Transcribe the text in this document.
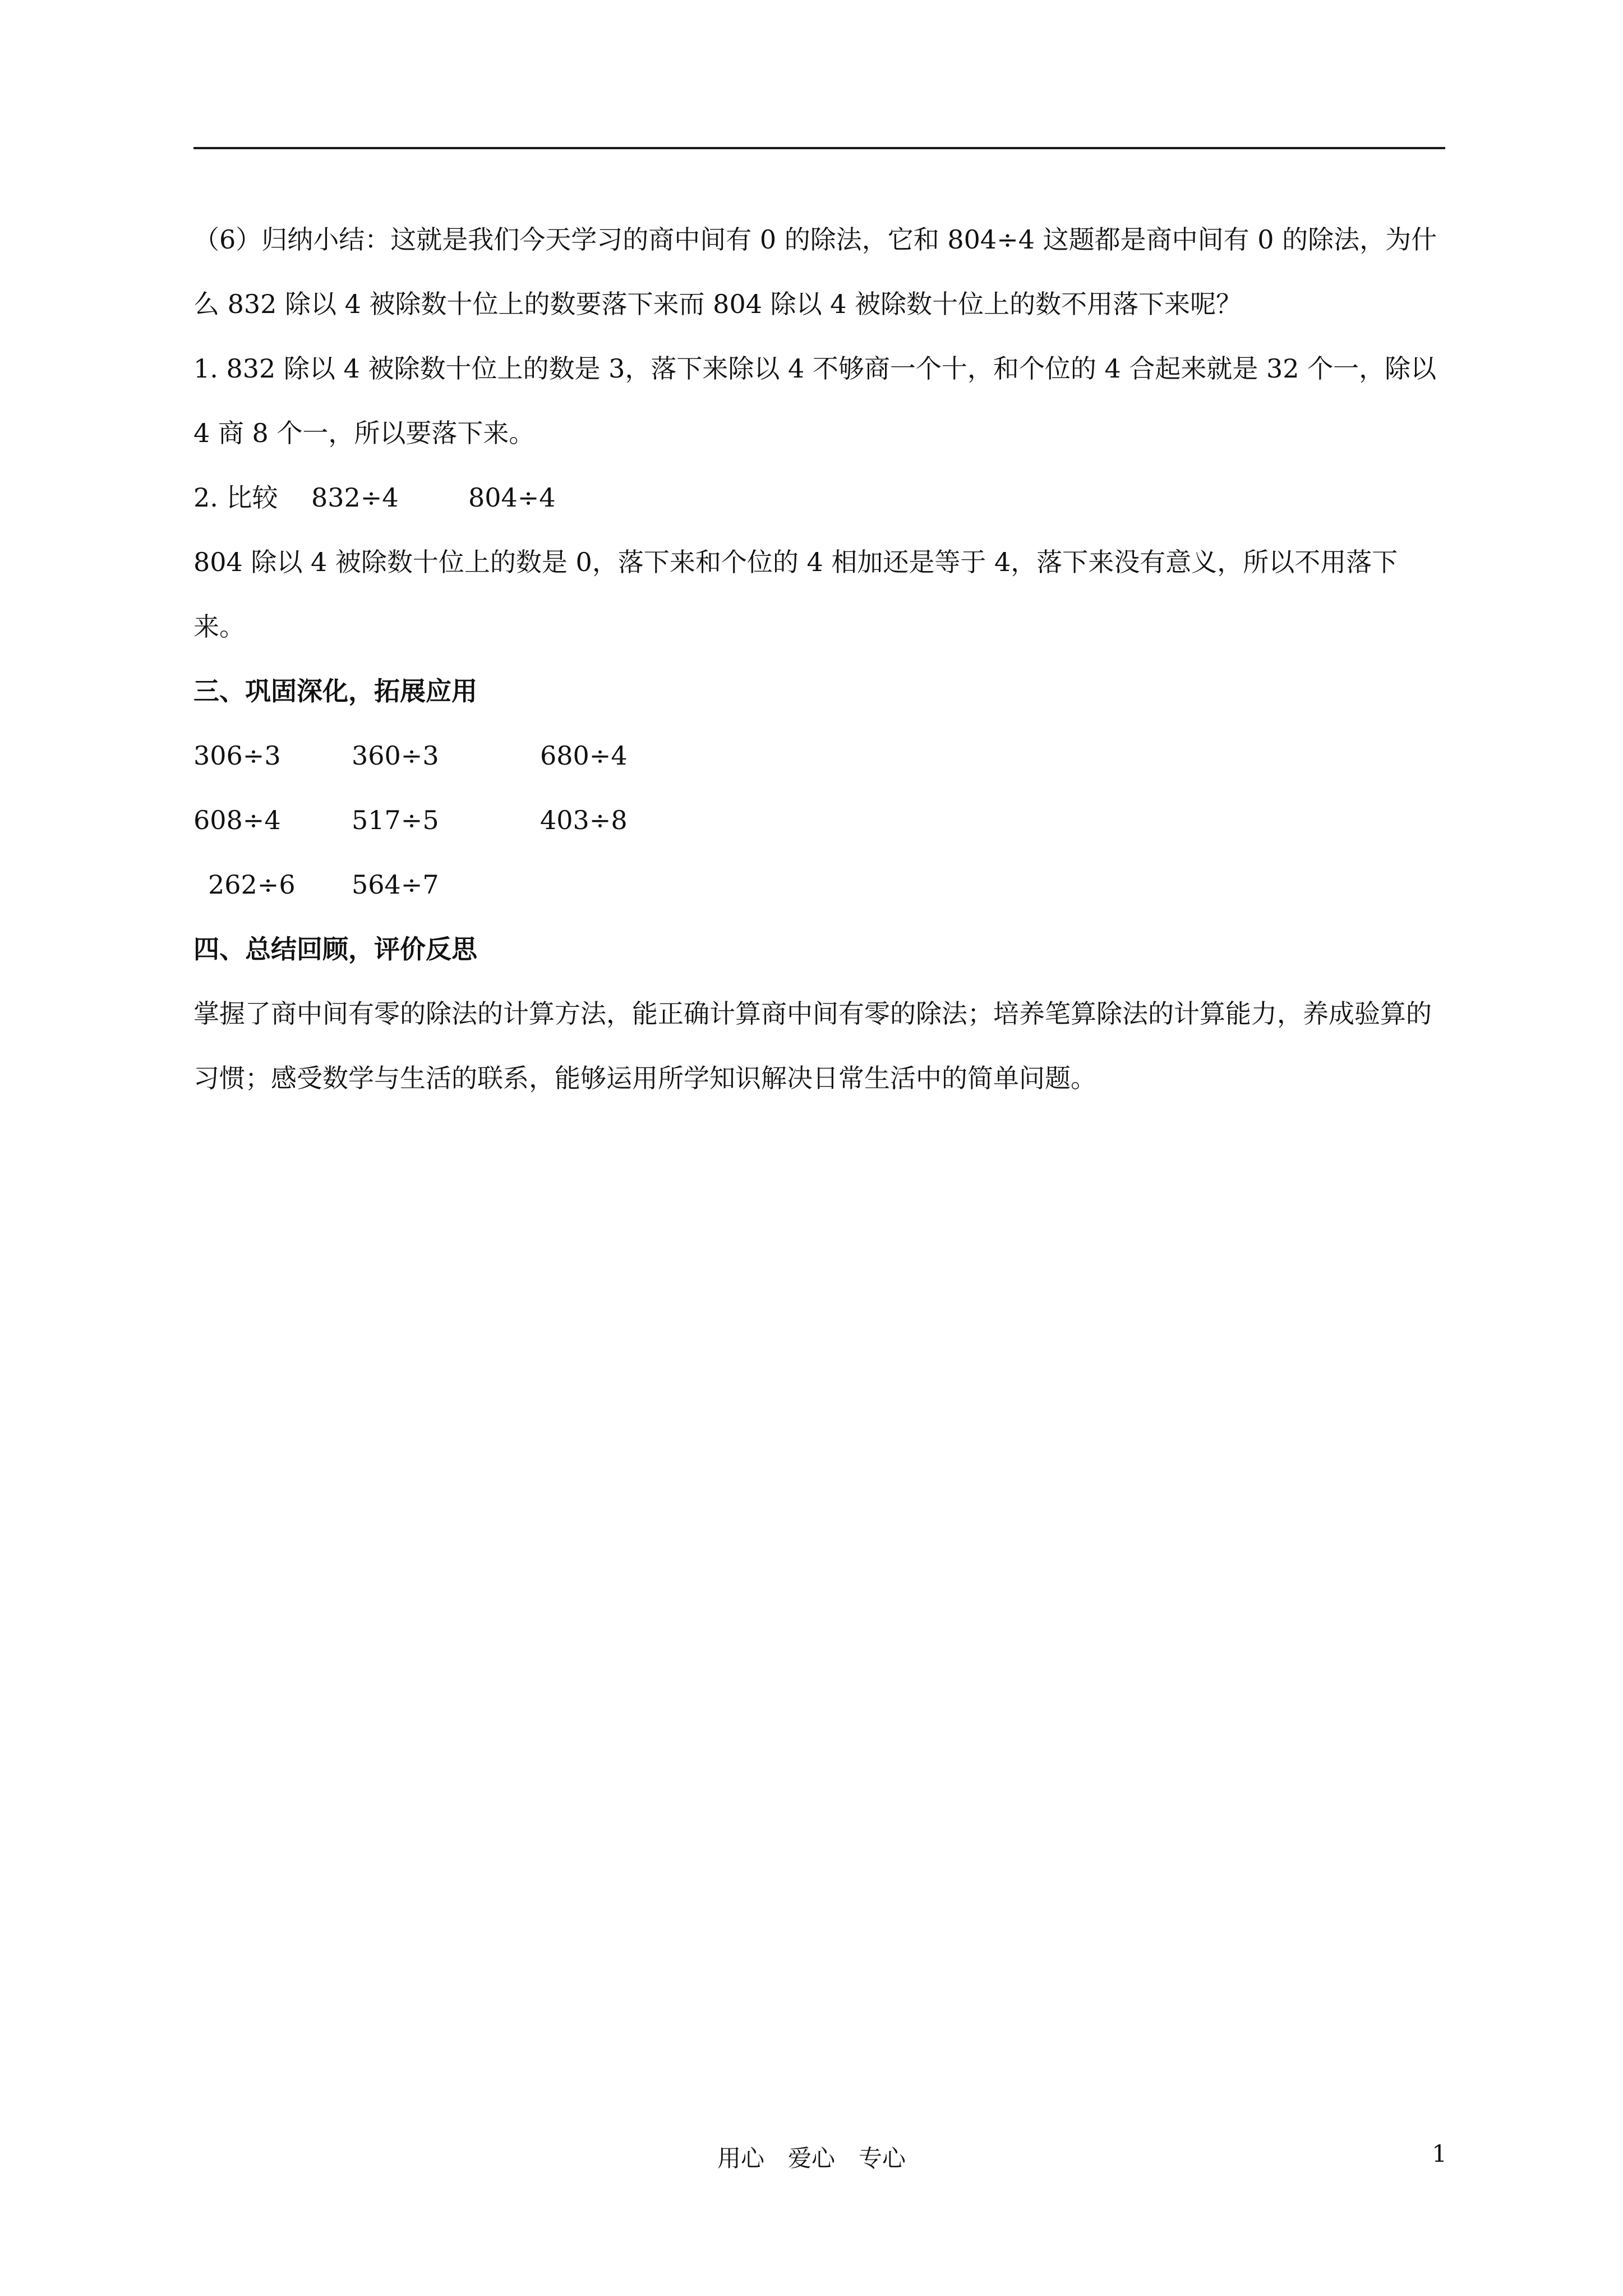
（6）归纳小结：这就是我们今天学习的商中间有 0 的除法，它和 804÷4 这题都是商中间有 0 的除法，为什么 832 除以 4 被除数十位上的数要落下来而 804 除以 4 被除数十位上的数不用落下来呢？

1. 832 除以 4 被除数十位上的数是 3，落下来除以 4 不够商一个十，和个位的 4 合起来就是 32 个一，除以 4 商 8 个一，所以要落下来。

2. 比较 832÷4	804÷4

804 除以 4 被除数十位上的数是 0，落下来和个位的 4 相加还是等于 4，落下来没有意义，所以不用落下来。

三、巩固深化，拓展应用

306÷3	360÷3	680÷4
608÷4	517÷5	403÷8
262÷6 564÷7

四、总结回顾，评价反思

掌握了商中间有零的除法的计算方法，能正确计算商中间有零的除法；培养笔算除法的计算能力，养成验算的习惯；感受数学与生活的联系，能够运用所学知识解决日常生活中的简单问题。

用心　爱心　专心	1
